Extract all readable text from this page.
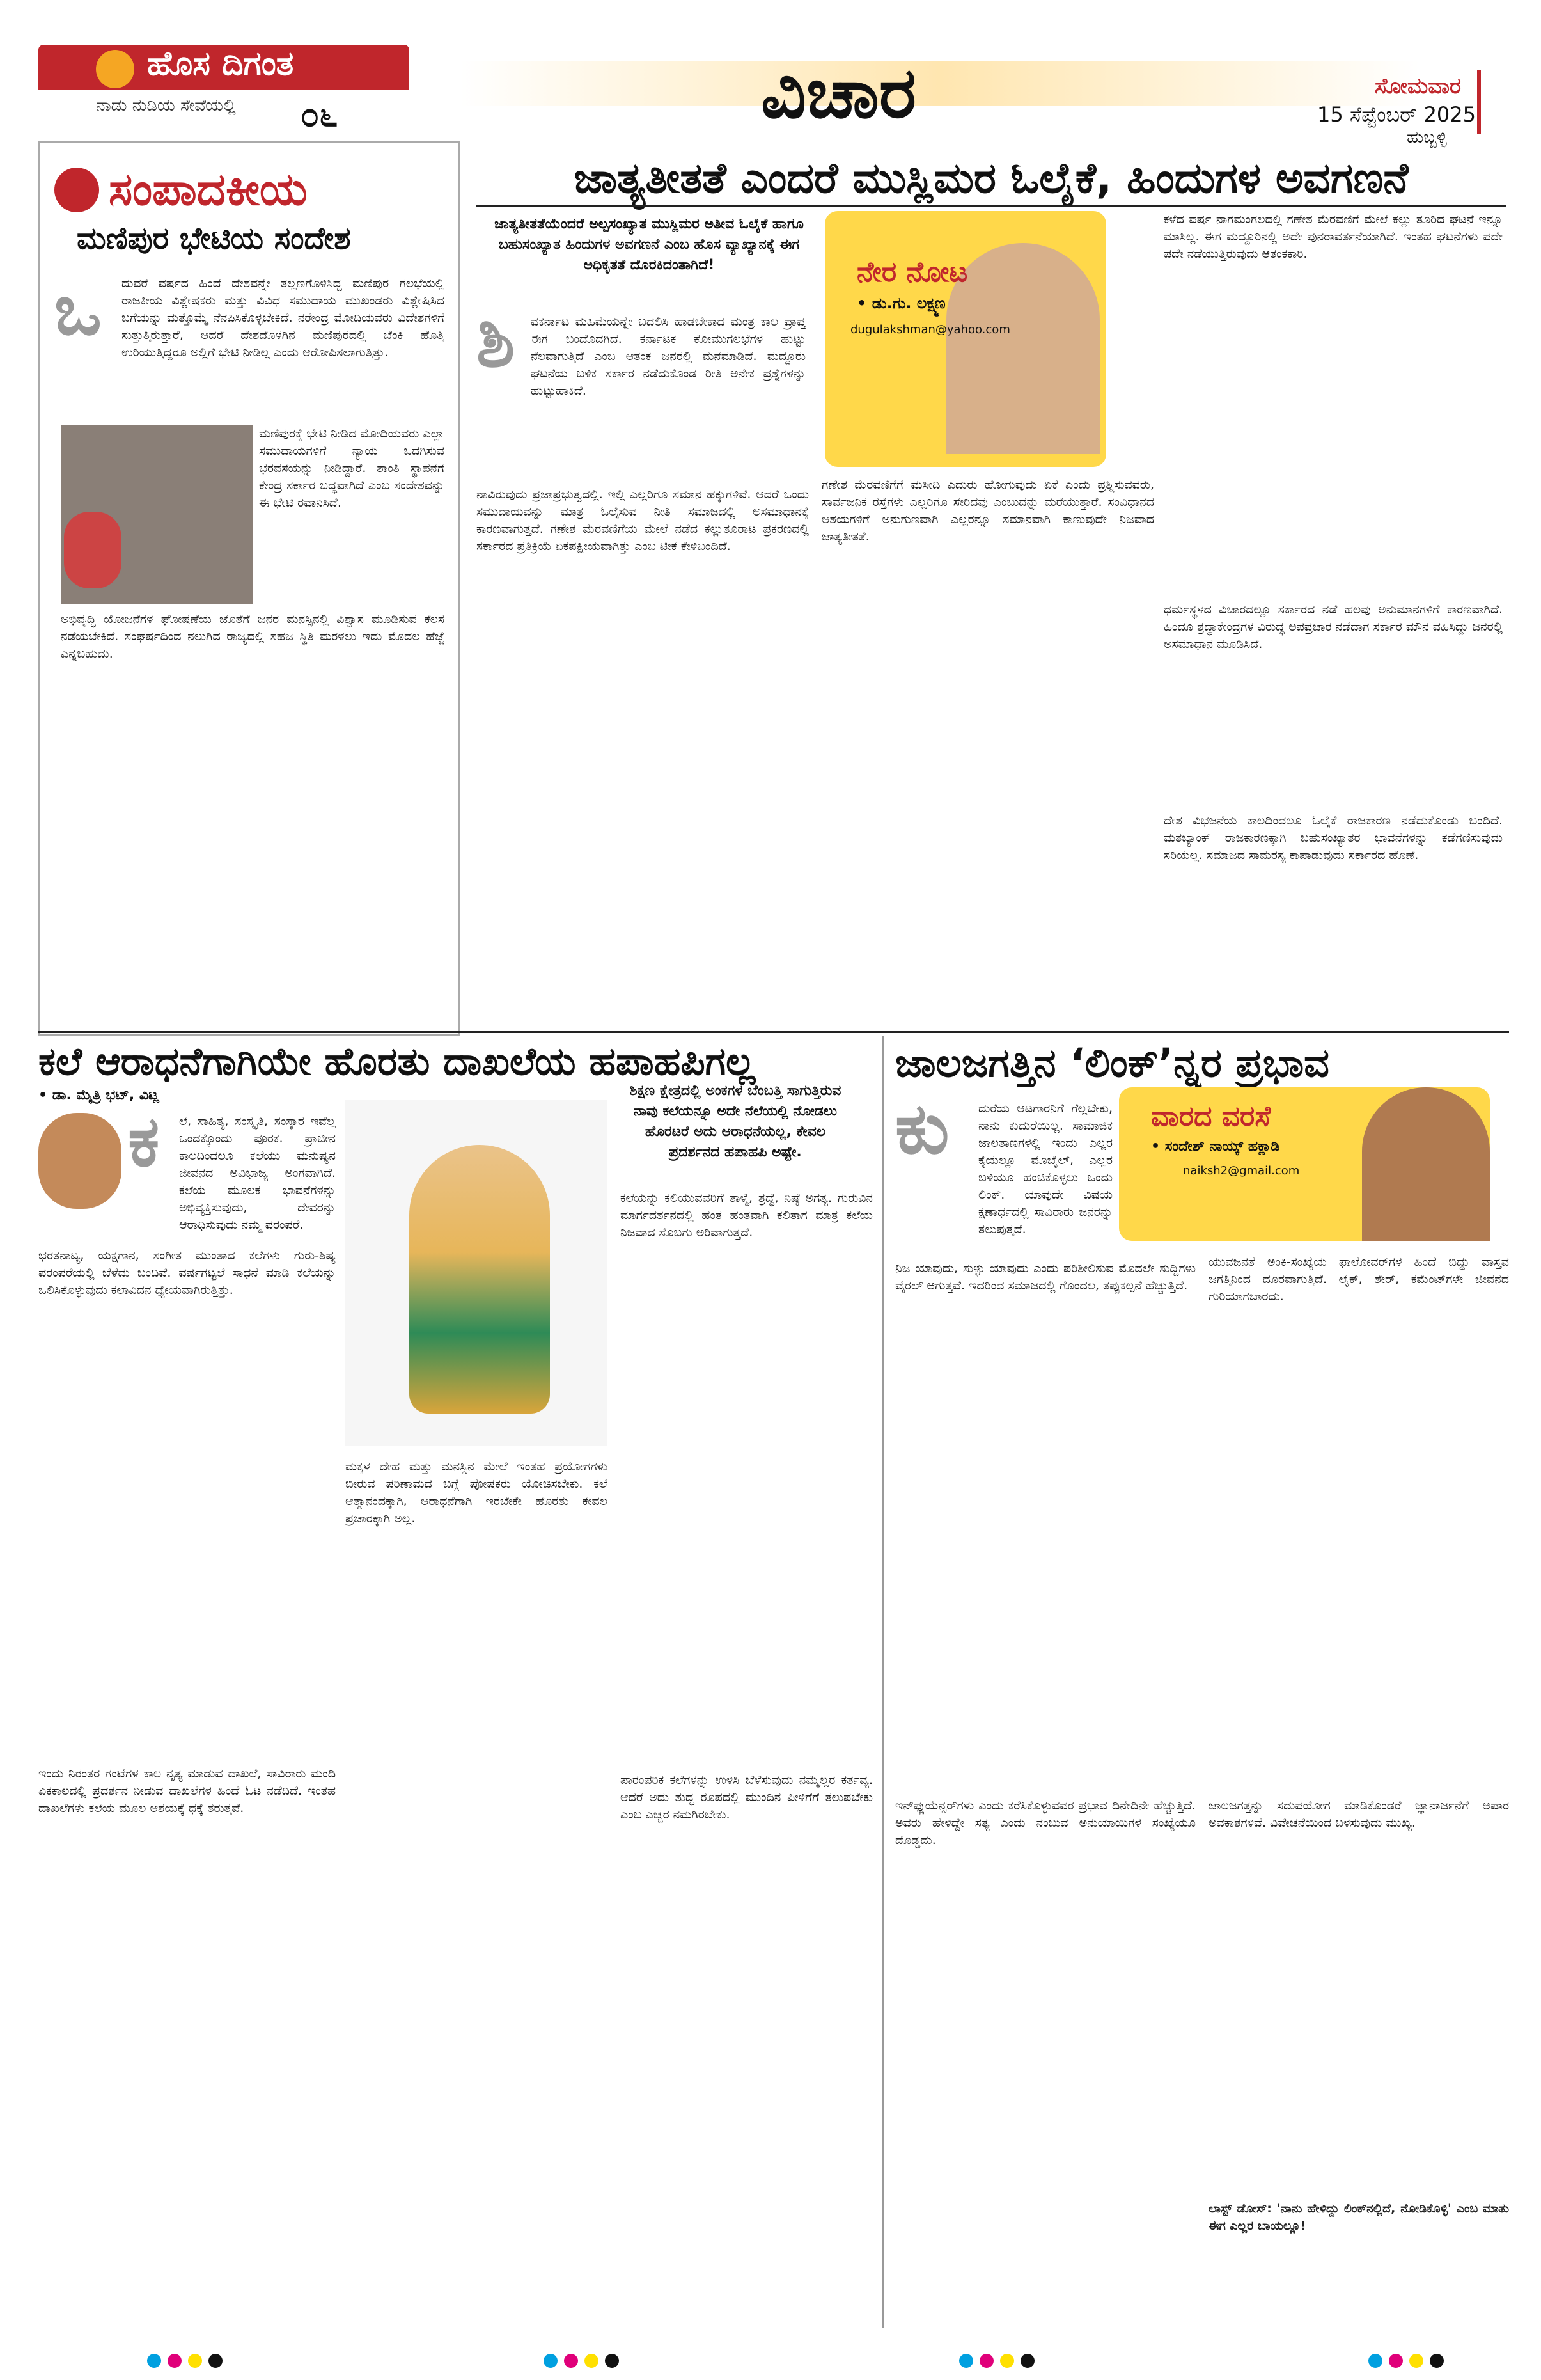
ಹೊಸ ದಿಗಂತ
ನಾಡು ನುಡಿಯ ಸೇವೆಯಲ್ಲಿ ೦೬	ವಿಚಾರ	ಸೋಮವಾರ
15 ಸೆಪ್ಟೆಂಬರ್ 2025
ಹುಬ್ಬಳ್ಳಿ
ಸಂಪಾದಕೀಯ
ಮಣಿಪುರ ಭೇಟಿಯ ಸಂದೇಶ
ಒ ದುವರೆ ವರ್ಷದ ಹಿಂದೆ ದೇಶವನ್ನೇ ತಲ್ಲಣಗೊಳಿಸಿದ್ದ ಮಣಿಪುರ ಗಲಭೆಯಲ್ಲಿ ರಾಜಕೀಯ ವಿಶ್ಲೇಷಕರು ಮತ್ತು ವಿವಿಧ ಸಮುದಾಯ ಮುಖಂಡರು ವಿಶ್ಲೇಷಿಸಿದ ಬಗೆಯನ್ನು ಮತ್ತೊಮ್ಮೆ ನೆನಪಿಸಿಕೊಳ್ಳಬೇಕಿದೆ. ನರೇಂದ್ರ ಮೋದಿಯವರು ವಿದೇಶಗಳಿಗೆ ಸುತ್ತುತ್ತಿರುತ್ತಾರೆ, ಆದರೆ ದೇಶದೊಳಗಿನ ಮಣಿಪುರದಲ್ಲಿ ಬೆಂಕಿ ಹೊತ್ತಿ ಉರಿಯುತ್ತಿದ್ದರೂ ಅಲ್ಲಿಗೆ ಭೇಟಿ ನೀಡಿಲ್ಲ ಎಂದು ಆರೋಪಿಸಲಾಗುತ್ತಿತ್ತು.
ಮಣಿಪುರಕ್ಕೆ ಭೇಟಿ ನೀಡಿದ ಮೋದಿಯವರು ಎಲ್ಲಾ ಸಮುದಾಯಗಳಿಗೆ ನ್ಯಾಯ ಒದಗಿಸುವ ಭರವಸೆಯನ್ನು ನೀಡಿದ್ದಾರೆ. ಶಾಂತಿ ಸ್ಥಾಪನೆಗೆ ಕೇಂದ್ರ ಸರ್ಕಾರ ಬದ್ಧವಾಗಿದೆ ಎಂಬ ಸಂದೇಶವನ್ನು ಈ ಭೇಟಿ ರವಾನಿಸಿದೆ.
ಅಭಿವೃದ್ಧಿ ಯೋಜನೆಗಳ ಘೋಷಣೆಯ ಜೊತೆಗೆ ಜನರ ಮನಸ್ಸಿನಲ್ಲಿ ವಿಶ್ವಾಸ ಮೂಡಿಸುವ ಕೆಲಸ ನಡೆಯಬೇಕಿದೆ. ಸಂಘರ್ಷದಿಂದ ನಲುಗಿದ ರಾಜ್ಯದಲ್ಲಿ ಸಹಜ ಸ್ಥಿತಿ ಮರಳಲು ಇದು ಮೊದಲ ಹೆಜ್ಜೆ ಎನ್ನಬಹುದು.
ಜಾತ್ಯತೀತತೆ ಎಂದರೆ ಮುಸ್ಲಿಮರ ಓಲೈಕೆ, ಹಿಂದುಗಳ ಅವಗಣನೆ
ಜಾತ್ಯತೀತತೆಯೆಂದರೆ ಅಲ್ಪಸಂಖ್ಯಾತ ಮುಸ್ಲಿಮರ ಅತೀವ ಓಲೈಕೆ ಹಾಗೂ ಬಹುಸಂಖ್ಯಾತ ಹಿಂದುಗಳ ಅವಗಣನೆ ಎಂಬ ಹೊಸ ವ್ಯಾಖ್ಯಾನಕ್ಕೆ ಈಗ ಅಧಿಕೃತತೆ ದೊರಕಿದಂತಾಗಿದೆ!	ನೇರ ನೋಟ
• ಡು.ಗು. ಲಕ್ಷ್ಮಣ
dugulakshman@yahoo.com
ಶಿ ವಕರ್ನಾಟ ಮಹಿಮೆಯನ್ನೇ ಬದಲಿಸಿ ಹಾಡಬೇಕಾದ ಮಂತ್ರ ಕಾಲ ಪ್ರಾಪ್ತ ಈಗ ಬಂದೊದಗಿದೆ. ಕರ್ನಾಟಕ ಕೋಮುಗಲಭೆಗಳ ಹುಟ್ಟು ನೆಲವಾಗುತ್ತಿದೆ ಎಂಬ ಆತಂಕ ಜನರಲ್ಲಿ ಮನೆಮಾಡಿದೆ. ಮದ್ದೂರು ಘಟನೆಯ ಬಳಿಕ ಸರ್ಕಾರ ನಡೆದುಕೊಂಡ ರೀತಿ ಅನೇಕ ಪ್ರಶ್ನೆಗಳನ್ನು ಹುಟ್ಟುಹಾಕಿದೆ.
ನಾವಿರುವುದು ಪ್ರಜಾಪ್ರಭುತ್ವದಲ್ಲಿ. ಇಲ್ಲಿ ಎಲ್ಲರಿಗೂ ಸಮಾನ ಹಕ್ಕುಗಳಿವೆ. ಆದರೆ ಒಂದು ಸಮುದಾಯವನ್ನು ಮಾತ್ರ ಓಲೈಸುವ ನೀತಿ ಸಮಾಜದಲ್ಲಿ ಅಸಮಾಧಾನಕ್ಕೆ ಕಾರಣವಾಗುತ್ತದೆ. ಗಣೇಶ ಮೆರವಣಿಗೆಯ ಮೇಲೆ ನಡೆದ ಕಲ್ಲುತೂರಾಟ ಪ್ರಕರಣದಲ್ಲಿ ಸರ್ಕಾರದ ಪ್ರತಿಕ್ರಿಯೆ ಏಕಪಕ್ಷೀಯವಾಗಿತ್ತು ಎಂಬ ಟೀಕೆ ಕೇಳಿಬಂದಿದೆ.
ಗಣೇಶ ಮೆರವಣಿಗೆಗೆ ಮಸೀದಿ ಎದುರು ಹೋಗುವುದು ಏಕೆ ಎಂದು ಪ್ರಶ್ನಿಸುವವರು, ಸಾರ್ವಜನಿಕ ರಸ್ತೆಗಳು ಎಲ್ಲರಿಗೂ ಸೇರಿದವು ಎಂಬುದನ್ನು ಮರೆಯುತ್ತಾರೆ. ಸಂವಿಧಾನದ ಆಶಯಗಳಿಗೆ ಅನುಗುಣವಾಗಿ ಎಲ್ಲರನ್ನೂ ಸಮಾನವಾಗಿ ಕಾಣುವುದೇ ನಿಜವಾದ ಜಾತ್ಯತೀತತೆ.
ಕಳೆದ ವರ್ಷ ನಾಗಮಂಗಲದಲ್ಲಿ ಗಣೇಶ ಮೆರವಣಿಗೆ ಮೇಲೆ ಕಲ್ಲು ತೂರಿದ ಘಟನೆ ಇನ್ನೂ ಮಾಸಿಲ್ಲ. ಈಗ ಮದ್ದೂರಿನಲ್ಲಿ ಅದೇ ಪುನರಾವರ್ತನೆಯಾಗಿದೆ. ಇಂತಹ ಘಟನೆಗಳು ಪದೇ ಪದೇ ನಡೆಯುತ್ತಿರುವುದು ಆತಂಕಕಾರಿ.
ಧರ್ಮಸ್ಥಳದ ವಿಚಾರದಲ್ಲೂ ಸರ್ಕಾರದ ನಡೆ ಹಲವು ಅನುಮಾನಗಳಿಗೆ ಕಾರಣವಾಗಿದೆ. ಹಿಂದೂ ಶ್ರದ್ಧಾಕೇಂದ್ರಗಳ ವಿರುದ್ಧ ಅಪಪ್ರಚಾರ ನಡೆದಾಗ ಸರ್ಕಾರ ಮೌನ ವಹಿಸಿದ್ದು ಜನರಲ್ಲಿ ಅಸಮಾಧಾನ ಮೂಡಿಸಿದೆ.
ದೇಶ ವಿಭಜನೆಯ ಕಾಲದಿಂದಲೂ ಓಲೈಕೆ ರಾಜಕಾರಣ ನಡೆದುಕೊಂಡು ಬಂದಿದೆ. ಮತಬ್ಯಾಂಕ್ ರಾಜಕಾರಣಕ್ಕಾಗಿ ಬಹುಸಂಖ್ಯಾತರ ಭಾವನೆಗಳನ್ನು ಕಡೆಗಣಿಸುವುದು ಸರಿಯಲ್ಲ. ಸಮಾಜದ ಸಾಮರಸ್ಯ ಕಾಪಾಡುವುದು ಸರ್ಕಾರದ ಹೊಣೆ.
ಕಲೆ ಆರಾಧನೆಗಾಗಿಯೇ ಹೊರತು ದಾಖಲೆಯ ಹಪಾಹಪಿಗಲ್ಲ
• ಡಾ. ಮೈತ್ರಿ ಭಟ್, ವಿಟ್ಲ
ಕ ಲೆ, ಸಾಹಿತ್ಯ, ಸಂಸ್ಕೃತಿ, ಸಂಸ್ಕಾರ ಇವೆಲ್ಲ ಒಂದಕ್ಕೊಂದು ಪೂರಕ. ಪ್ರಾಚೀನ ಕಾಲದಿಂದಲೂ ಕಲೆಯು ಮನುಷ್ಯನ ಜೀವನದ ಅವಿಭಾಜ್ಯ ಅಂಗವಾಗಿದೆ. ಕಲೆಯ ಮೂಲಕ ಭಾವನೆಗಳನ್ನು ಅಭಿವ್ಯಕ್ತಿಸುವುದು, ದೇವರನ್ನು ಆರಾಧಿಸುವುದು ನಮ್ಮ ಪರಂಪರೆ.
ಭರತನಾಟ್ಯ, ಯಕ್ಷಗಾನ, ಸಂಗೀತ ಮುಂತಾದ ಕಲೆಗಳು ಗುರು-ಶಿಷ್ಯ ಪರಂಪರೆಯಲ್ಲಿ ಬೆಳೆದು ಬಂದಿವೆ. ವರ್ಷಗಟ್ಟಲೆ ಸಾಧನೆ ಮಾಡಿ ಕಲೆಯನ್ನು ಒಲಿಸಿಕೊಳ್ಳುವುದು ಕಲಾವಿದನ ಧ್ಯೇಯವಾಗಿರುತ್ತಿತ್ತು.
ಇಂದು ನಿರಂತರ ಗಂಟೆಗಳ ಕಾಲ ನೃತ್ಯ ಮಾಡುವ ದಾಖಲೆ, ಸಾವಿರಾರು ಮಂದಿ ಏಕಕಾಲದಲ್ಲಿ ಪ್ರದರ್ಶನ ನೀಡುವ ದಾಖಲೆಗಳ ಹಿಂದೆ ಓಟ ನಡೆದಿದೆ. ಇಂತಹ ದಾಖಲೆಗಳು ಕಲೆಯ ಮೂಲ ಆಶಯಕ್ಕೆ ಧಕ್ಕೆ ತರುತ್ತವೆ.
ಶಿಕ್ಷಣ ಕ್ಷೇತ್ರದಲ್ಲಿ ಅಂಕಗಳ ಬೆಂಬತ್ತಿ ಸಾಗುತ್ತಿರುವ ನಾವು ಕಲೆಯನ್ನೂ ಅದೇ ನೆಲೆಯಲ್ಲಿ ನೋಡಲು ಹೊರಟರೆ ಅದು ಆರಾಧನೆಯಲ್ಲ, ಕೇವಲ ಪ್ರದರ್ಶನದ ಹಪಾಹಪಿ ಅಷ್ಟೇ.
ಮಕ್ಕಳ ದೇಹ ಮತ್ತು ಮನಸ್ಸಿನ ಮೇಲೆ ಇಂತಹ ಪ್ರಯೋಗಗಳು ಬೀರುವ ಪರಿಣಾಮದ ಬಗ್ಗೆ ಪೋಷಕರು ಯೋಚಿಸಬೇಕು. ಕಲೆ ಆತ್ಮಾನಂದಕ್ಕಾಗಿ, ಆರಾಧನೆಗಾಗಿ ಇರಬೇಕೇ ಹೊರತು ಕೇವಲ ಪ್ರಚಾರಕ್ಕಾಗಿ ಅಲ್ಲ.
ಕಲೆಯನ್ನು ಕಲಿಯುವವರಿಗೆ ತಾಳ್ಮೆ, ಶ್ರದ್ಧೆ, ನಿಷ್ಠೆ ಅಗತ್ಯ. ಗುರುವಿನ ಮಾರ್ಗದರ್ಶನದಲ್ಲಿ ಹಂತ ಹಂತವಾಗಿ ಕಲಿತಾಗ ಮಾತ್ರ ಕಲೆಯ ನಿಜವಾದ ಸೊಬಗು ಅರಿವಾಗುತ್ತದೆ.
ಪಾರಂಪರಿಕ ಕಲೆಗಳನ್ನು ಉಳಿಸಿ ಬೆಳೆಸುವುದು ನಮ್ಮೆಲ್ಲರ ಕರ್ತವ್ಯ. ಆದರೆ ಅದು ಶುದ್ಧ ರೂಪದಲ್ಲಿ ಮುಂದಿನ ಪೀಳಿಗೆಗೆ ತಲುಪಬೇಕು ಎಂಬ ಎಚ್ಚರ ನಮಗಿರಬೇಕು.
ಜಾಲಜಗತ್ತಿನ ‘ಲಿಂಕ್’ನ್ನರ ಪ್ರಭಾವ
ವಾರದ ವರಸೆ
• ಸಂದೇಶ್ ನಾಯ್ಕ್ ಹಕ್ಲಾಡಿ
naiksh2@gmail.com
ಕು ದುರೆಯ ಆಟಗಾರನಿಗೆ ಗೆಲ್ಲಬೇಕು, ನಾನು ಕುದುರೆಯಿಲ್ಲ. ಸಾಮಾಜಿಕ ಜಾಲತಾಣಗಳಲ್ಲಿ ಇಂದು ಎಲ್ಲರ ಕೈಯಲ್ಲೂ ಮೊಬೈಲ್, ಎಲ್ಲರ ಬಳಿಯೂ ಹಂಚಿಕೊಳ್ಳಲು ಒಂದು ಲಿಂಕ್. ಯಾವುದೇ ವಿಷಯ ಕ್ಷಣಾರ್ಧದಲ್ಲಿ ಸಾವಿರಾರು ಜನರನ್ನು ತಲುಪುತ್ತದೆ.
ನಿಜ ಯಾವುದು, ಸುಳ್ಳು ಯಾವುದು ಎಂದು ಪರಿಶೀಲಿಸುವ ಮೊದಲೇ ಸುದ್ದಿಗಳು ವೈರಲ್ ಆಗುತ್ತವೆ. ಇದರಿಂದ ಸಮಾಜದಲ್ಲಿ ಗೊಂದಲ, ತಪ್ಪುಕಲ್ಪನೆ ಹೆಚ್ಚುತ್ತಿದೆ.
ಇನ್‌ಫ್ಲುಯೆನ್ಸರ್‌ಗಳು ಎಂದು ಕರೆಸಿಕೊಳ್ಳುವವರ ಪ್ರಭಾವ ದಿನೇದಿನೇ ಹೆಚ್ಚುತ್ತಿದೆ. ಅವರು ಹೇಳಿದ್ದೇ ಸತ್ಯ ಎಂದು ನಂಬುವ ಅನುಯಾಯಿಗಳ ಸಂಖ್ಯೆಯೂ ದೊಡ್ಡದು.
ಯುವಜನತೆ ಅಂಕಿ-ಸಂಖ್ಯೆಯ ಫಾಲೋವರ್‌ಗಳ ಹಿಂದೆ ಬಿದ್ದು ವಾಸ್ತವ ಜಗತ್ತಿನಿಂದ ದೂರವಾಗುತ್ತಿದೆ. ಲೈಕ್, ಶೇರ್, ಕಮೆಂಟ್‌ಗಳೇ ಜೀವನದ ಗುರಿಯಾಗಬಾರದು.
ಜಾಲಜಗತ್ತನ್ನು ಸದುಪಯೋಗ ಮಾಡಿಕೊಂಡರೆ ಜ್ಞಾನಾರ್ಜನೆಗೆ ಅಪಾರ ಅವಕಾಶಗಳಿವೆ. ವಿವೇಚನೆಯಿಂದ ಬಳಸುವುದು ಮುಖ್ಯ.
ಲಾಸ್ಟ್ ಡೋಸ್: 'ನಾನು ಹೇಳಿದ್ದು ಲಿಂಕ್‌ನಲ್ಲಿದೆ, ನೋಡಿಕೊಳ್ಳಿ' ಎಂಬ ಮಾತು ಈಗ ಎಲ್ಲರ ಬಾಯಲ್ಲೂ!
